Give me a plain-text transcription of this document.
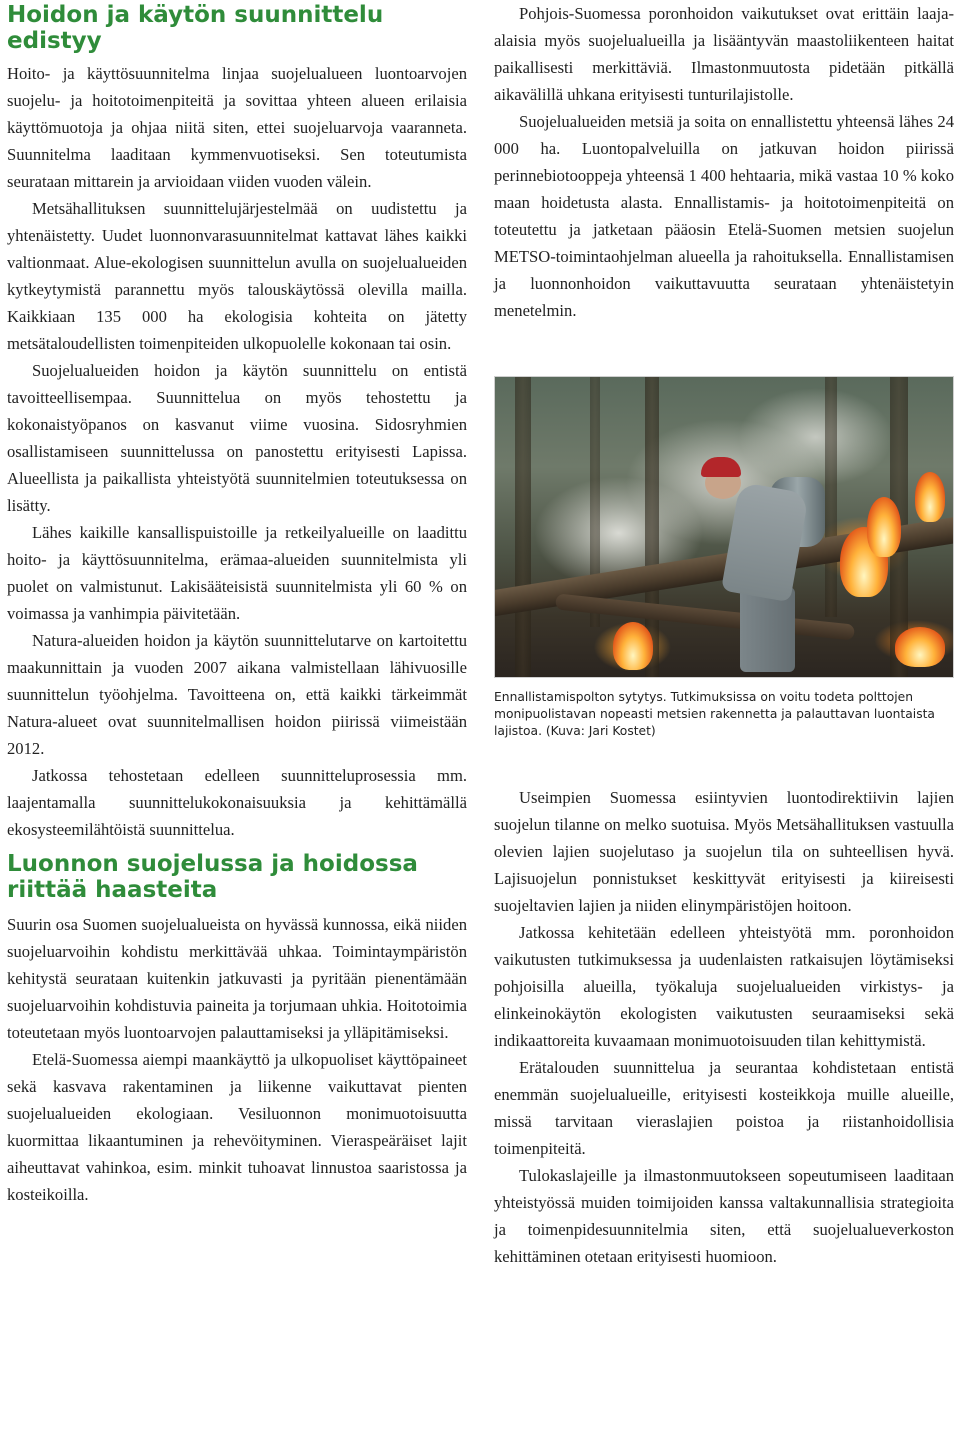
Hoidon ja käytön suunnittelu edistyy

Hoito- ja käyttösuunnitelma linjaa suojelualueen luontoarvojen suojelu- ja hoitotoimenpiteitä ja sovittaa yhteen alueen erilaisia käyttömuotoja ja ohjaa niitä siten, ettei suojeluarvoja vaaranneta. Suunnitelma laaditaan kymmenvuotiseksi. Sen toteutumista seurataan mittarein ja arvioidaan viiden vuoden välein.

Metsähallituksen suunnittelujärjestelmää on uudistettu ja yhtenäistetty. Uudet luonnonvarasuunnitelmat kattavat lähes kaikki valtionmaat. Alue-ekologisen suunnittelun avulla on suojelualueiden kytkeytymistä parannettu myös talouskäytössä olevilla mailla. Kaikkiaan 135 000 ha ekologisia kohteita on jätetty metsätaloudellisten toimenpiteiden ulkopuolelle kokonaan tai osin.

Suojelualueiden hoidon ja käytön suunnittelu on entistä tavoitteellisempaa. Suunnittelua on myös tehostettu ja kokonaistyöpanos on kasvanut viime vuosina. Sidosryhmien osallistamiseen suunnittelussa on panostettu erityisesti Lapissa. Alueellista ja paikallista yhteistyötä suunnitelmien toteutuksessa on lisätty.

Lähes kaikille kansallispuistoille ja retkeilyalueille on laadittu hoito- ja käyttösuunnitelma, erämaa-alueiden suunnitelmista yli puolet on valmistunut. Lakisääteisistä suunnitelmista yli 60 % on voimassa ja vanhimpia päivitetään.

Natura-alueiden hoidon ja käytön suunnittelutarve on kartoitettu maakunnittain ja vuoden 2007 aikana valmistellaan lähivuosille suunnittelun työohjelma. Tavoitteena on, että kaikki tärkeimmät Natura-alueet ovat suunnitelmallisen hoidon piirissä viimeistään 2012.

Jatkossa tehostetaan edelleen suunnitteluprosessia mm. laajentamalla suunnittelukokonaisuuksia ja kehittämällä ekosysteemilähtöistä suunnittelua.

Luonnon suojelussa ja hoidossa riittää haasteita

Suurin osa Suomen suojelualueista on hyvässä kunnossa, eikä niiden suojeluarvoihin kohdistu merkittävää uhkaa. Toimintaympäristön kehitystä seurataan kuitenkin jatkuvasti ja pyritään pienentämään suojeluarvoihin kohdistuvia paineita ja torjumaan uhkia. Hoitotoimia toteutetaan myös luontoarvojen palauttamiseksi ja ylläpitämiseksi.

Etelä-Suomessa aiempi maankäyttö ja ulkopuoliset käyttöpaineet sekä kasvava rakentaminen ja liikenne vaikuttavat pienten suojelualueiden ekologiaan. Vesiluonnon monimuotoisuutta kuormittaa likaantuminen ja rehevöityminen. Vieraspeäräiset lajit aiheuttavat vahinkoa, esim. minkit tuhoavat linnustoa saaristossa ja kosteikoilla.

Pohjois-Suomessa poronhoidon vaikutukset ovat erittäin laaja-alaisia myös suojelualueilla ja lisääntyvän maastoliikenteen haitat paikallisesti merkittäviä. Ilmastonmuutosta pidetään pitkällä aikavälillä uhkana erityisesti tunturilajistolle.

Suojelualueiden metsiä ja soita on ennallistettu yhteensä lähes 24 000 ha. Luontopalveluilla on jatkuvan hoidon piirissä perinnebiotooppeja yhteensä 1 400 hehtaaria, mikä vastaa 10 % koko maan hoidetusta alasta. Ennallistamis- ja hoitotoimenpiteitä on toteutettu ja jatketaan pääosin Etelä-Suomen metsien suojelun METSO-toimintaohjelman alueella ja rahoituksella. Ennallistamisen ja luonnonhoidon vaikuttavuutta seurataan yhtenäistetyin menetelmin.

Ennallistamispolton sytytys. Tutkimuksissa on voitu todeta polttojen monipuolistavan nopeasti metsien rakennetta ja palauttavan luontaista lajistoa. (Kuva: Jari Kostet)

Useimpien Suomessa esiintyvien luontodirektiivin lajien suojelun tilanne on melko suotuisa. Myös Metsähallituksen vastuulla olevien lajien suojelutaso ja suojelun tila on suhteellisen hyvä. Lajisuojelun ponnistukset keskittyvät erityisesti ja kiireisesti suojeltavien lajien ja niiden elinympäristöjen hoitoon.

Jatkossa kehitetään edelleen yhteistyötä mm. poronhoidon vaikutusten tutkimuksessa ja uudenlaisten ratkaisujen löytämiseksi pohjoisilla alueilla, työkaluja suojelualueiden virkistys- ja elinkeinokäytön ekologisten vaikutusten seuraamiseksi sekä indikaattoreita kuvaamaan monimuotoisuuden tilan kehittymistä.

Erätalouden suunnittelua ja seurantaa kohdistetaan entistä enemmän suojelualueille, erityisesti kosteikkoja muille alueille, missä tarvitaan vieraslajien poistoa ja riistanhoidollisia toimenpiteitä.

Tulokaslajeille ja ilmastonmuutokseen sopeutumiseen laaditaan yhteistyössä muiden toimijoiden kanssa valtakunnallisia strategioita ja toimenpidesuunnitelmia siten, että suojelualueverkoston kehittäminen otetaan erityisesti huomioon.
